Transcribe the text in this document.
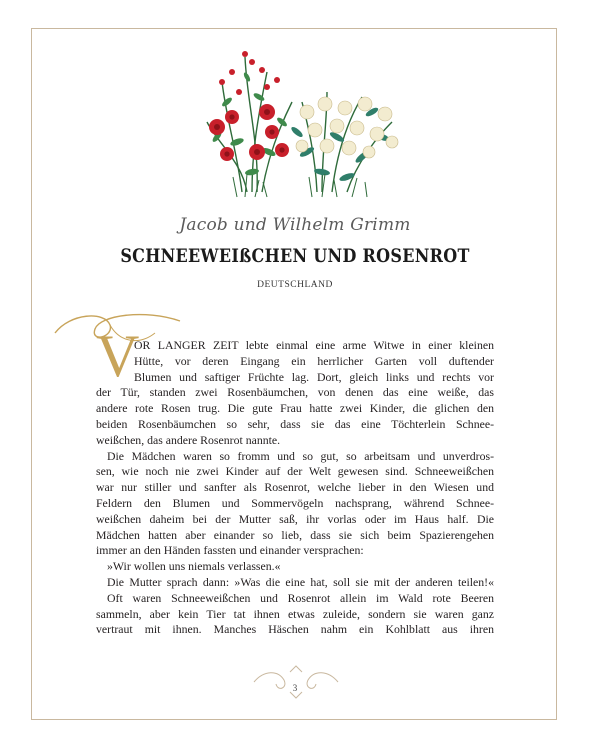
Jacob und Wilhelm Grimm
SCHNEEWEIßCHEN UND ROSENROT
DEUTSCHLAND
V
OR LANGER ZEIT lebte einmal eine arme Witwe in einer kleinen
Hütte, vor deren Eingang ein herrlicher Garten voll duftender
Blumen und saftiger Früchte lag. Dort, gleich links und rechts vor
der Tür, standen zwei Rosenbäumchen, von denen das eine weiße, das
andere rote Rosen trug. Die gute Frau hatte zwei Kinder, die glichen den
beiden Rosenbäumchen so sehr, dass sie das eine Töchterlein Schnee-
weißchen, das andere Rosenrot nannte.
Die Mädchen waren so fromm und so gut, so arbeitsam und unverdros-
sen, wie noch nie zwei Kinder auf der Welt gewesen sind. Schneeweißchen
war nur stiller und sanfter als Rosenrot, welche lieber in den Wiesen und
Feldern den Blumen und Sommervögeln nachsprang, während Schnee-
weißchen daheim bei der Mutter saß, ihr vorlas oder im Haus half. Die
Mädchen hatten aber einander so lieb, dass sie sich beim Spazierengehen
immer an den Händen fassten und einander versprachen:
»Wir wollen uns niemals verlassen.«
Die Mutter sprach dann: »Was die eine hat, soll sie mit der anderen teilen!«
Oft waren Schneeweißchen und Rosenrot allein im Wald rote Beeren
sammeln, aber kein Tier tat ihnen etwas zuleide, sondern sie waren ganz
vertraut mit ihnen. Manches Häschen nahm ein Kohlblatt aus ihren
3
